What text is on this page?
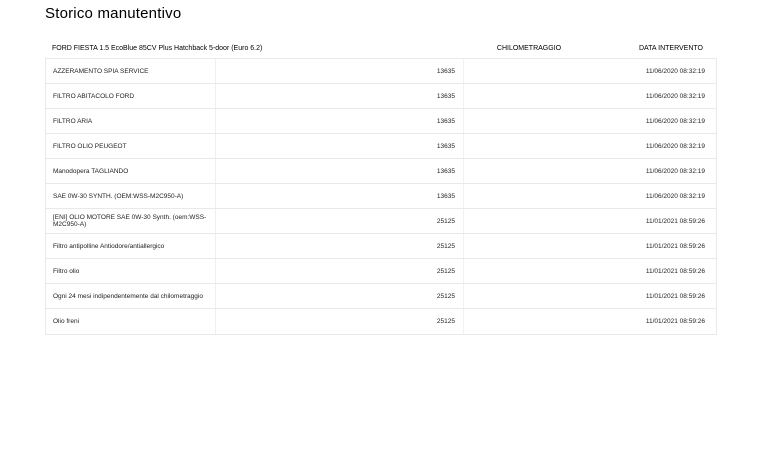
Storico manutentivo
FORD FIESTA 1.5 EcoBlue 85CV Plus Hatchback 5-door (Euro 6.2)	CHILOMETRAGGIO	DATA INTERVENTO
AZZERAMENTO SPIA SERVICE	13635	11/06/2020 08:32:19
FILTRO ABITACOLO FORD	13635	11/06/2020 08:32:19
FILTRO ARIA	13635	11/06/2020 08:32:19
FILTRO OLIO PEUGEOT	13635	11/06/2020 08:32:19
Manodopera TAGLIANDO	13635	11/06/2020 08:32:19
SAE 0W-30 SYNTH. (OEM:WSS-M2C950-A)	13635	11/06/2020 08:32:19
[ENI] OLIO MOTORE SAE 0W-30 Synth. (oem:WSS-M2C950-A)	25125	11/01/2021 08:59:26
Filtro antipolline Antiodore/antiallergico	25125	11/01/2021 08:59:26
Filtro olio	25125	11/01/2021 08:59:26
Ogni 24 mesi indipendentemente dal chilometraggio	25125	11/01/2021 08:59:26
Olio freni	25125	11/01/2021 08:59:26
